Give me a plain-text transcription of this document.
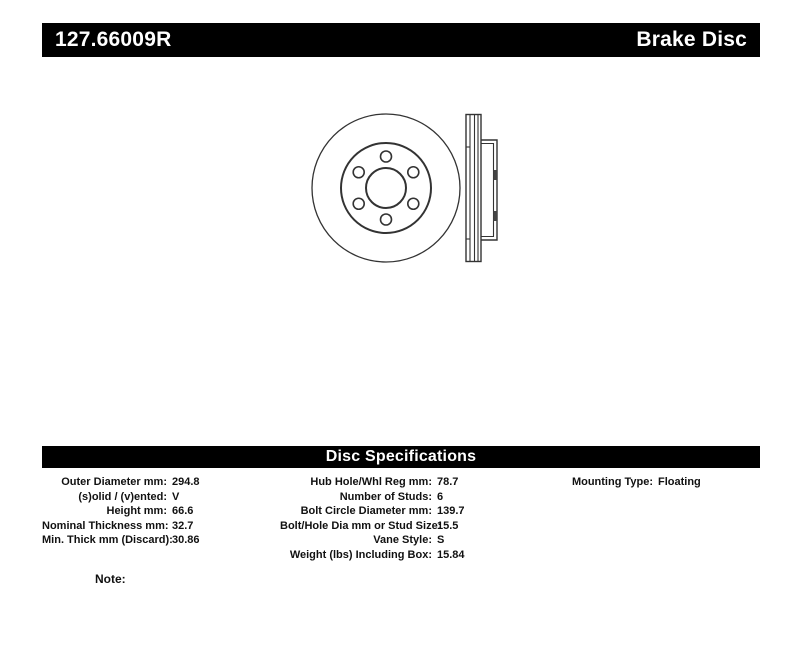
127.66009R	Brake Disc
Disc Specifications
Outer Diameter mm: 294.8
(s)olid / (v)ented: V
Height mm: 66.6
Nominal Thickness mm: 32.7
Min. Thick mm (Discard): 30.86
Hub Hole/Whl Reg mm: 78.7
Number of Studs: 6
Bolt Circle Diameter mm: 139.7
Bolt/Hole Dia mm or Stud Size:
15.5
Vane Style: S
Weight (lbs) Including Box: 15.84
Mounting Type: Floating
Note:
